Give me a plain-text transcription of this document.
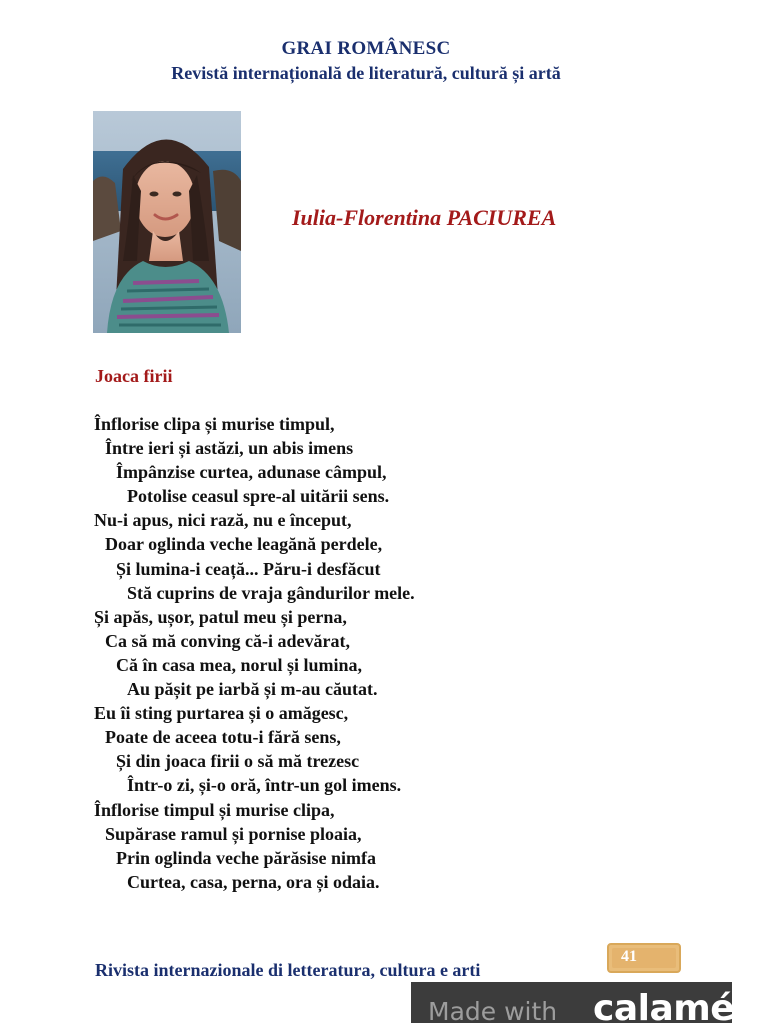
GRAI ROMÂNESC
Revistă internațională de literatură, cultură și artă
Iulia-Florentina PACIUREA
Joaca firii
Înflorise clipa și murise timpul,
Între ieri și astăzi, un abis imens
Împânzise curtea, adunase câmpul,
Potolise ceasul spre-al uitării sens.
Nu-i apus, nici rază, nu e început,
Doar oglinda veche leagănă perdele,
Și lumina-i ceață... Păru-i desfăcut
Stă cuprins de vraja gândurilor mele.
Și apăs, ușor, patul meu și perna,
Ca să mă conving că-i adevărat,
Că în casa mea, norul și lumina,
Au pășit pe iarbă și m-au căutat.
Eu îi sting purtarea și o amăgesc,
Poate de aceea totu-i fără sens,
Și din joaca firii o să mă trezesc
Într-o zi, și-o oră, într-un gol imens.
Înflorise timpul și murise clipa,
Supărase ramul și pornise ploaia,
Prin oglinda veche părăsise nimfa
Curtea, casa, perna, ora și odaia.
Rivista internazionale di letteratura, cultura e arti
41
Made with calaméo
